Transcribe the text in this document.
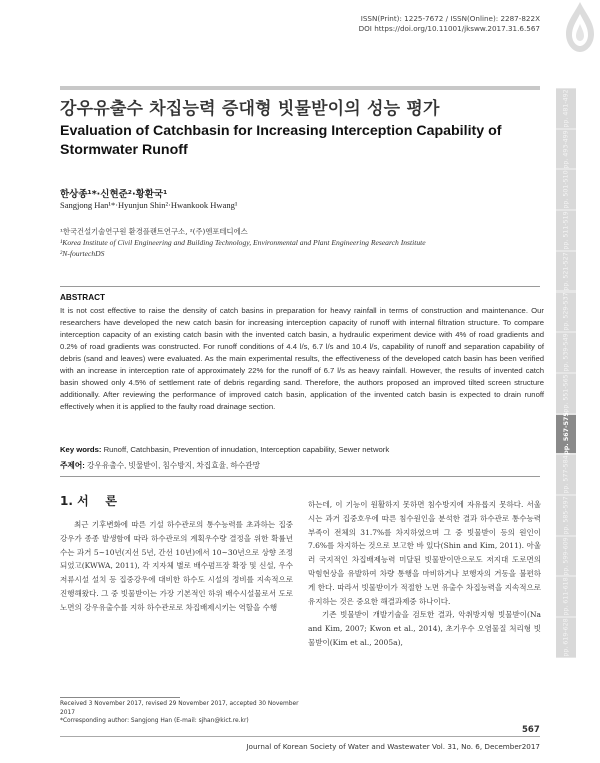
ISSN(Print): 1225-7672 / ISSN(Online): 2287-822X
DOI https://doi.org/10.11001/jksww.2017.31.6.567
강우유출수 차집능력 증대형 빗물받이의 성능 평가
Evaluation of Catchbasin for Increasing Interception Capability of Stormwater Runoff
한상종¹*·신현준²·황환국¹
Sangjong Han¹*·Hyunjun Shin²·Hwankook Hwang¹
¹한국건설기술연구원 환경플랜트연구소, ²(주)엔포테디에스
¹Korea Institute of Civil Engineering and Building Technology, Environmental and Plant Engineering Research Institute
²N-fourtechDS
ABSTRACT
It is not cost effective to raise the density of catch basins in preparation for heavy rainfall in terms of construction and maintenance. Our researchers have developed the new catch basin for increasing interception capacity of runoff with internal filtration structure. To compare interception capacity of an existing catch basin with the invented catch basin, a hydraulic experiment device with 4% of road gradients and 0.2% of road gradients was constructed. For runoff conditions of 4.4 l/s, 6.7 l/s and 10.4 l/s, capability of runoff and separation capability of debris (sand and leaves) were evaluated. As the main experimental results, the effectiveness of the developed catch basin has been verified with an increase in interception rate of approximately 22% for the runoff of 6.7 l/s as heavy rainfall. However, the results of invented catch basin showed only 4.5% of settlement rate of debris regarding sand. Therefore, the authors proposed an improved tilted screen structure additionally. After reviewing the performance of improved catch basin, application of the invented catch basin is expected to drain runoff effectively when it is applied to the faulty road drainage section.
Key words: Runoff, Catchbasin, Prevention of innudation, Interception capability, Sewer network
주제어: 강우유출수, 빗물받이, 침수방지, 차집효율, 하수관망
1. 서    론

최근 기후변화에 따른 기설 하수관로의 통수능력를 초과하는 집중강우가 종종 발생함에 따라 하수관로의 계획우수량 결정을 위한 확률년수는 과거 5~10년(지선 5년, 간선 10년)에서 10~30년으로 상향 조정되었고(KWWA, 2011), 각 지자체 별로 배수펌프장 확장 및 신설, 우수저류시설 설치 등 집중강우에 대비한 하수도 시설의 정비를 지속적으로 진행해왔다. 그 중 빗물받이는 가장 기본적인 하위 배수시설물로서 도로노면의 강우유출수를 지하 하수관로로 차집배제시키는 역할을 수행

하는데, 이 기능이 원활하지 못하면 침수방지에 자유롭지 못하다. 서울시는 과거 집중호우에 따른 침수원인을 분석한 결과 하수관로 통수능력 부족이 전체의 31.7%를 차지하였으며 그 중 빗물받이 등의 원인이 7.6%를 차지하는 것으로 보고한 바 있다(Shin and Kim, 2011). 아울러 국지적인 차집배제능력 미달된 빗물받이만으로도 저지대 도로면의 막힘현상을 유발하여 차량 통행을 마비하거나 보행자의 거동을 불편하게 한다. 따라서 빗물받이가 적절한 노면 유출수 차집능력을 지속적으로 유지하는 것은 중요한 해결과제중 하나이다.

기존 빗물받이 개발기술을 검토한 결과, 악취방지형 빗물받이(Na and Kim, 2007; Kwon et al., 2014), 초기우수 오염물질 처리형 빗물받이(Kim et al., 2005a),

Received 3 November 2017, revised 29 November 2017, accepted 30 November 2017
*Corresponding author: Sangjong Han (E-mail: sjhan@kict.re.kr)
567
Journal of Korean Society of Water and Wastewater Vol. 31, No. 6, December2017
pp. 481-492
pp. 493-499
pp. 501-510
pp. 511-519
pp. 521-527
pp. 529-537
pp. 539-549
pp. 551-565
pp. 567-575
pp. 577-584
pp. 585-597
pp. 599-609
pp. 611-618
pp. 619-628
